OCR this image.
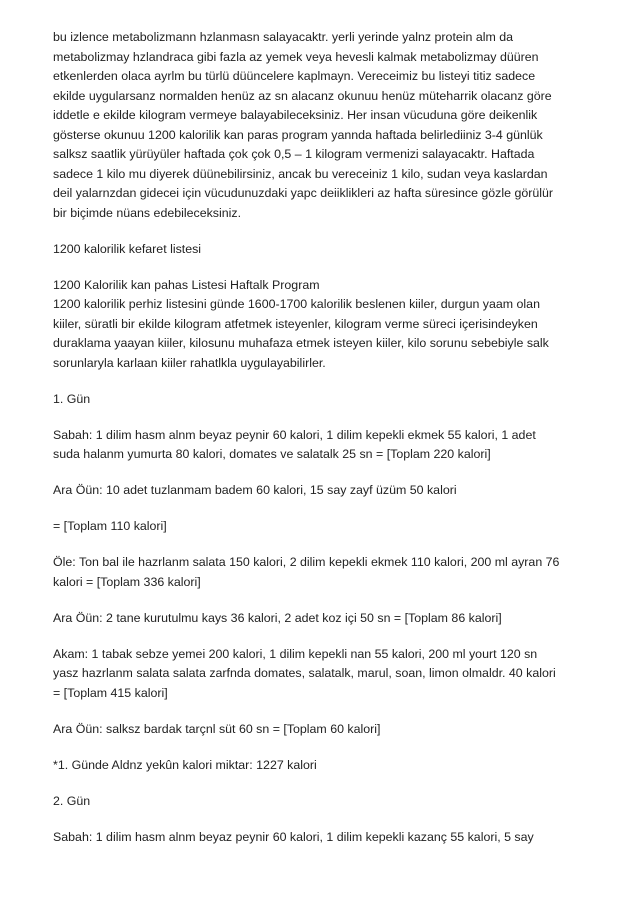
bu izlence metabolizmann hzlanmasn salayacaktr. yerli yerinde yalnz protein alm da
metabolizmay hzlandraca gibi fazla az yemek veya hevesli kalmak metabolizmay düüren
etkenlerden olaca ayrlm bu türlü düüncelere kaplmayn. Vereceimiz bu listeyi titiz sadece
ekilde uygularsanz normalden henüz az sn alacanz okunuu henüz müteharrik olacanz göre
iddetle e ekilde kilogram vermeye balayabileceksiniz. Her insan vücuduna göre deikenlik
gösterse okunuu 1200 kalorilik kan paras program yannda haftada belirlediiniz 3-4 günlük
salksz saatlik yürüyüler haftada çok çok 0,5 – 1 kilogram vermenizi salayacaktr. Haftada
sadece 1 kilo mu diyerek düünebilirsiniz, ancak bu vereceiniz 1 kilo, sudan veya kaslardan
deil yalarnzdan gidecei için vücudunuzdaki yapc deiiklikleri az hafta süresince gözle görülür
bir biçimde nüans edebileceksiniz.
1200 kalorilik kefaret listesi
1200 Kalorilik kan pahas Listesi Haftalk Program
1200 kalorilik perhiz listesini günde 1600-1700 kalorilik beslenen kiiler, durgun yaam olan
kiiler, süratli bir ekilde kilogram atfetmek isteyenler, kilogram verme süreci içerisindeyken
duraklama yaayan kiiler, kilosunu muhafaza etmek isteyen kiiler, kilo sorunu sebebiyle salk
sorunlaryla karlaan kiiler rahatlkla uygulayabilirler.
1. Gün
Sabah: 1 dilim hasm alnm beyaz peynir 60 kalori, 1 dilim kepekli ekmek 55 kalori, 1 adet
suda halanm yumurta 80 kalori, domates ve salatalk 25 sn = [Toplam 220 kalori]
Ara Öün: 10 adet tuzlanmam badem 60 kalori, 15 say zayf üzüm 50 kalori
= [Toplam 110 kalori]
Öle: Ton bal ile hazrlanm salata 150 kalori, 2 dilim kepekli ekmek 110 kalori, 200 ml ayran 76
kalori = [Toplam 336 kalori]
Ara Öün: 2 tane kurutulmu kays 36 kalori, 2 adet koz içi 50 sn = [Toplam 86 kalori]
Akam: 1 tabak sebze yemei 200 kalori, 1 dilim kepekli nan 55 kalori, 200 ml yourt 120 sn
yasz hazrlanm salata salata zarfnda domates, salatalk, marul, soan, limon olmaldr. 40 kalori
= [Toplam 415 kalori]
Ara Öün: salksz bardak tarçnl süt 60 sn = [Toplam 60 kalori]
*1. Günde Aldnz yekûn kalori miktar: 1227 kalori
2. Gün
Sabah: 1 dilim hasm alnm beyaz peynir 60 kalori, 1 dilim kepekli kazanç 55 kalori, 5 say
